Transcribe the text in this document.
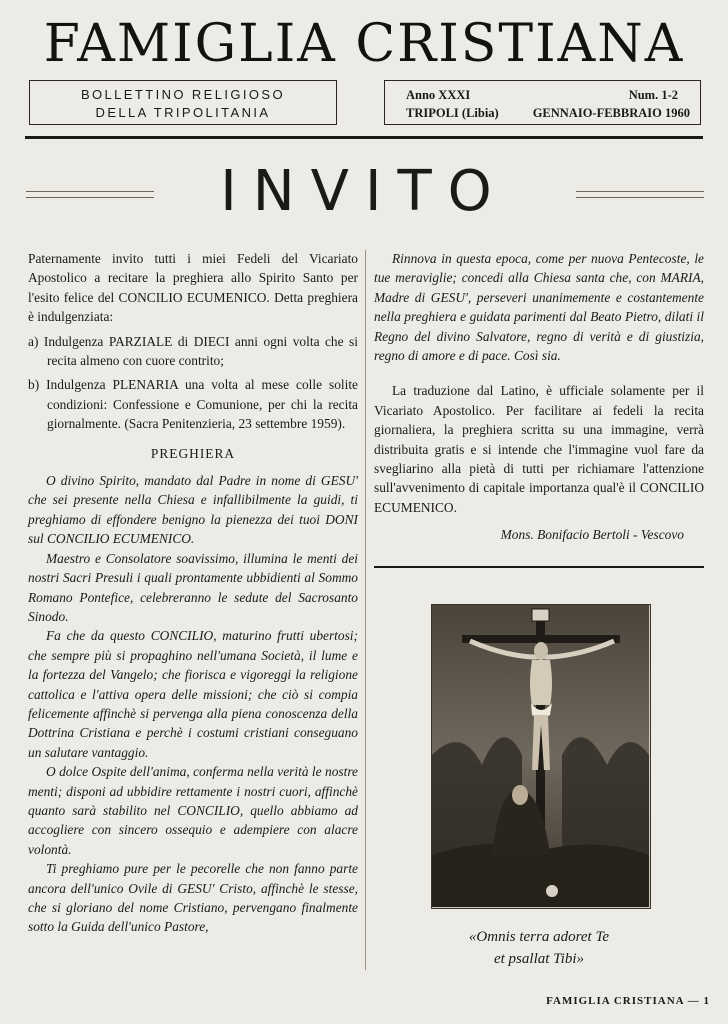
FAMIGLIA CRISTIANA
BOLLETTINO RELIGIOSO
DELLA TRIPOLITANIA
Anno XXXI	Num. 1-2
TRIPOLI (Libia)	GENNAIO-FEBBRAIO 1960
INVITO

Paternamente invito tutti i miei Fedeli del Vicariato Apostolico a recitare la preghiera allo Spirito Santo per l'esito felice del CONCILIO ECUMENICO. Detta preghiera è indulgenziata:

a) Indulgenza PARZIALE di DIECI anni ogni volta che si recita almeno con cuore contrito;

b) Indulgenza PLENARIA una volta al mese colle solite condizioni: Confessione e Comunione, per chi la recita giornalmente. (Sacra Penitenzieria, 23 settembre 1959).

PREGHIERA

O divino Spirito, mandato dal Padre in nome di GESU' che sei presente nella Chiesa e infallibilmente la guidi, ti preghiamo di effondere benigno la pienezza dei tuoi DONI sul CONCILIO ECUMENICO.

Maestro e Consolatore soavissimo, illumina le menti dei nostri Sacri Presuli i quali prontamente ubbidienti al Sommo Romano Pontefice, celebreranno le sedute del Sacrosanto Sinodo.

Fa che da questo CONCILIO, maturino frutti ubertosi; che sempre più si propaghino nell'umana Società, il lume e la fortezza del Vangelo; che fiorisca e vigoreggi la religione cattolica e l'attiva opera delle missioni; che ciò si compia felicemente affinchè si pervenga alla piena conoscenza della Dottrina Cristiana e perchè i costumi cristiani conseguano un salutare vantaggio.

O dolce Ospite dell'anima, conferma nella verità le nostre menti; disponi ad ubbidire rettamente i nostri cuori, affinchè quanto sarà stabilito nel CONCILIO, quello abbiamo ad accogliere con sincero ossequio e adempiere con alacre volontà.

Ti preghiamo pure per le pecorelle che non fanno parte ancora dell'unico Ovile di GESU' Cristo, affinchè le stesse, che si gloriano del nome Cristiano, pervengano finalmente sotto la Guida dell'unico Pastore,

Rinnova in questa epoca, come per nuova Pentecoste, le tue meraviglie; concedi alla Chiesa santa che, con MARIA, Madre di GESU', perseveri unanimemente e costantemente nella preghiera e guidata parimenti dal Beato Pietro, dilati il Regno del divino Salvatore, regno di verità e di giustizia, regno di amore e di pace. Così sia.

La traduzione dal Latino, è ufficiale solamente per il Vicariato Apostolico. Per facilitare ai fedeli la recita giornaliera, la preghiera scritta su una immagine, verrà distribuita gratis e si intende che l'immagine vuol fare da svegliarino alla pietà di tutti per richiamare l'attenzione sull'avvenimento di capitale importanza qual'è il CONCILIO ECUMENICO.

Mons. Bonifacio Bertoli - Vescovo

«Omnis terra adoret Te
et psallat Tibi»
FAMIGLIA CRISTIANA — 1
